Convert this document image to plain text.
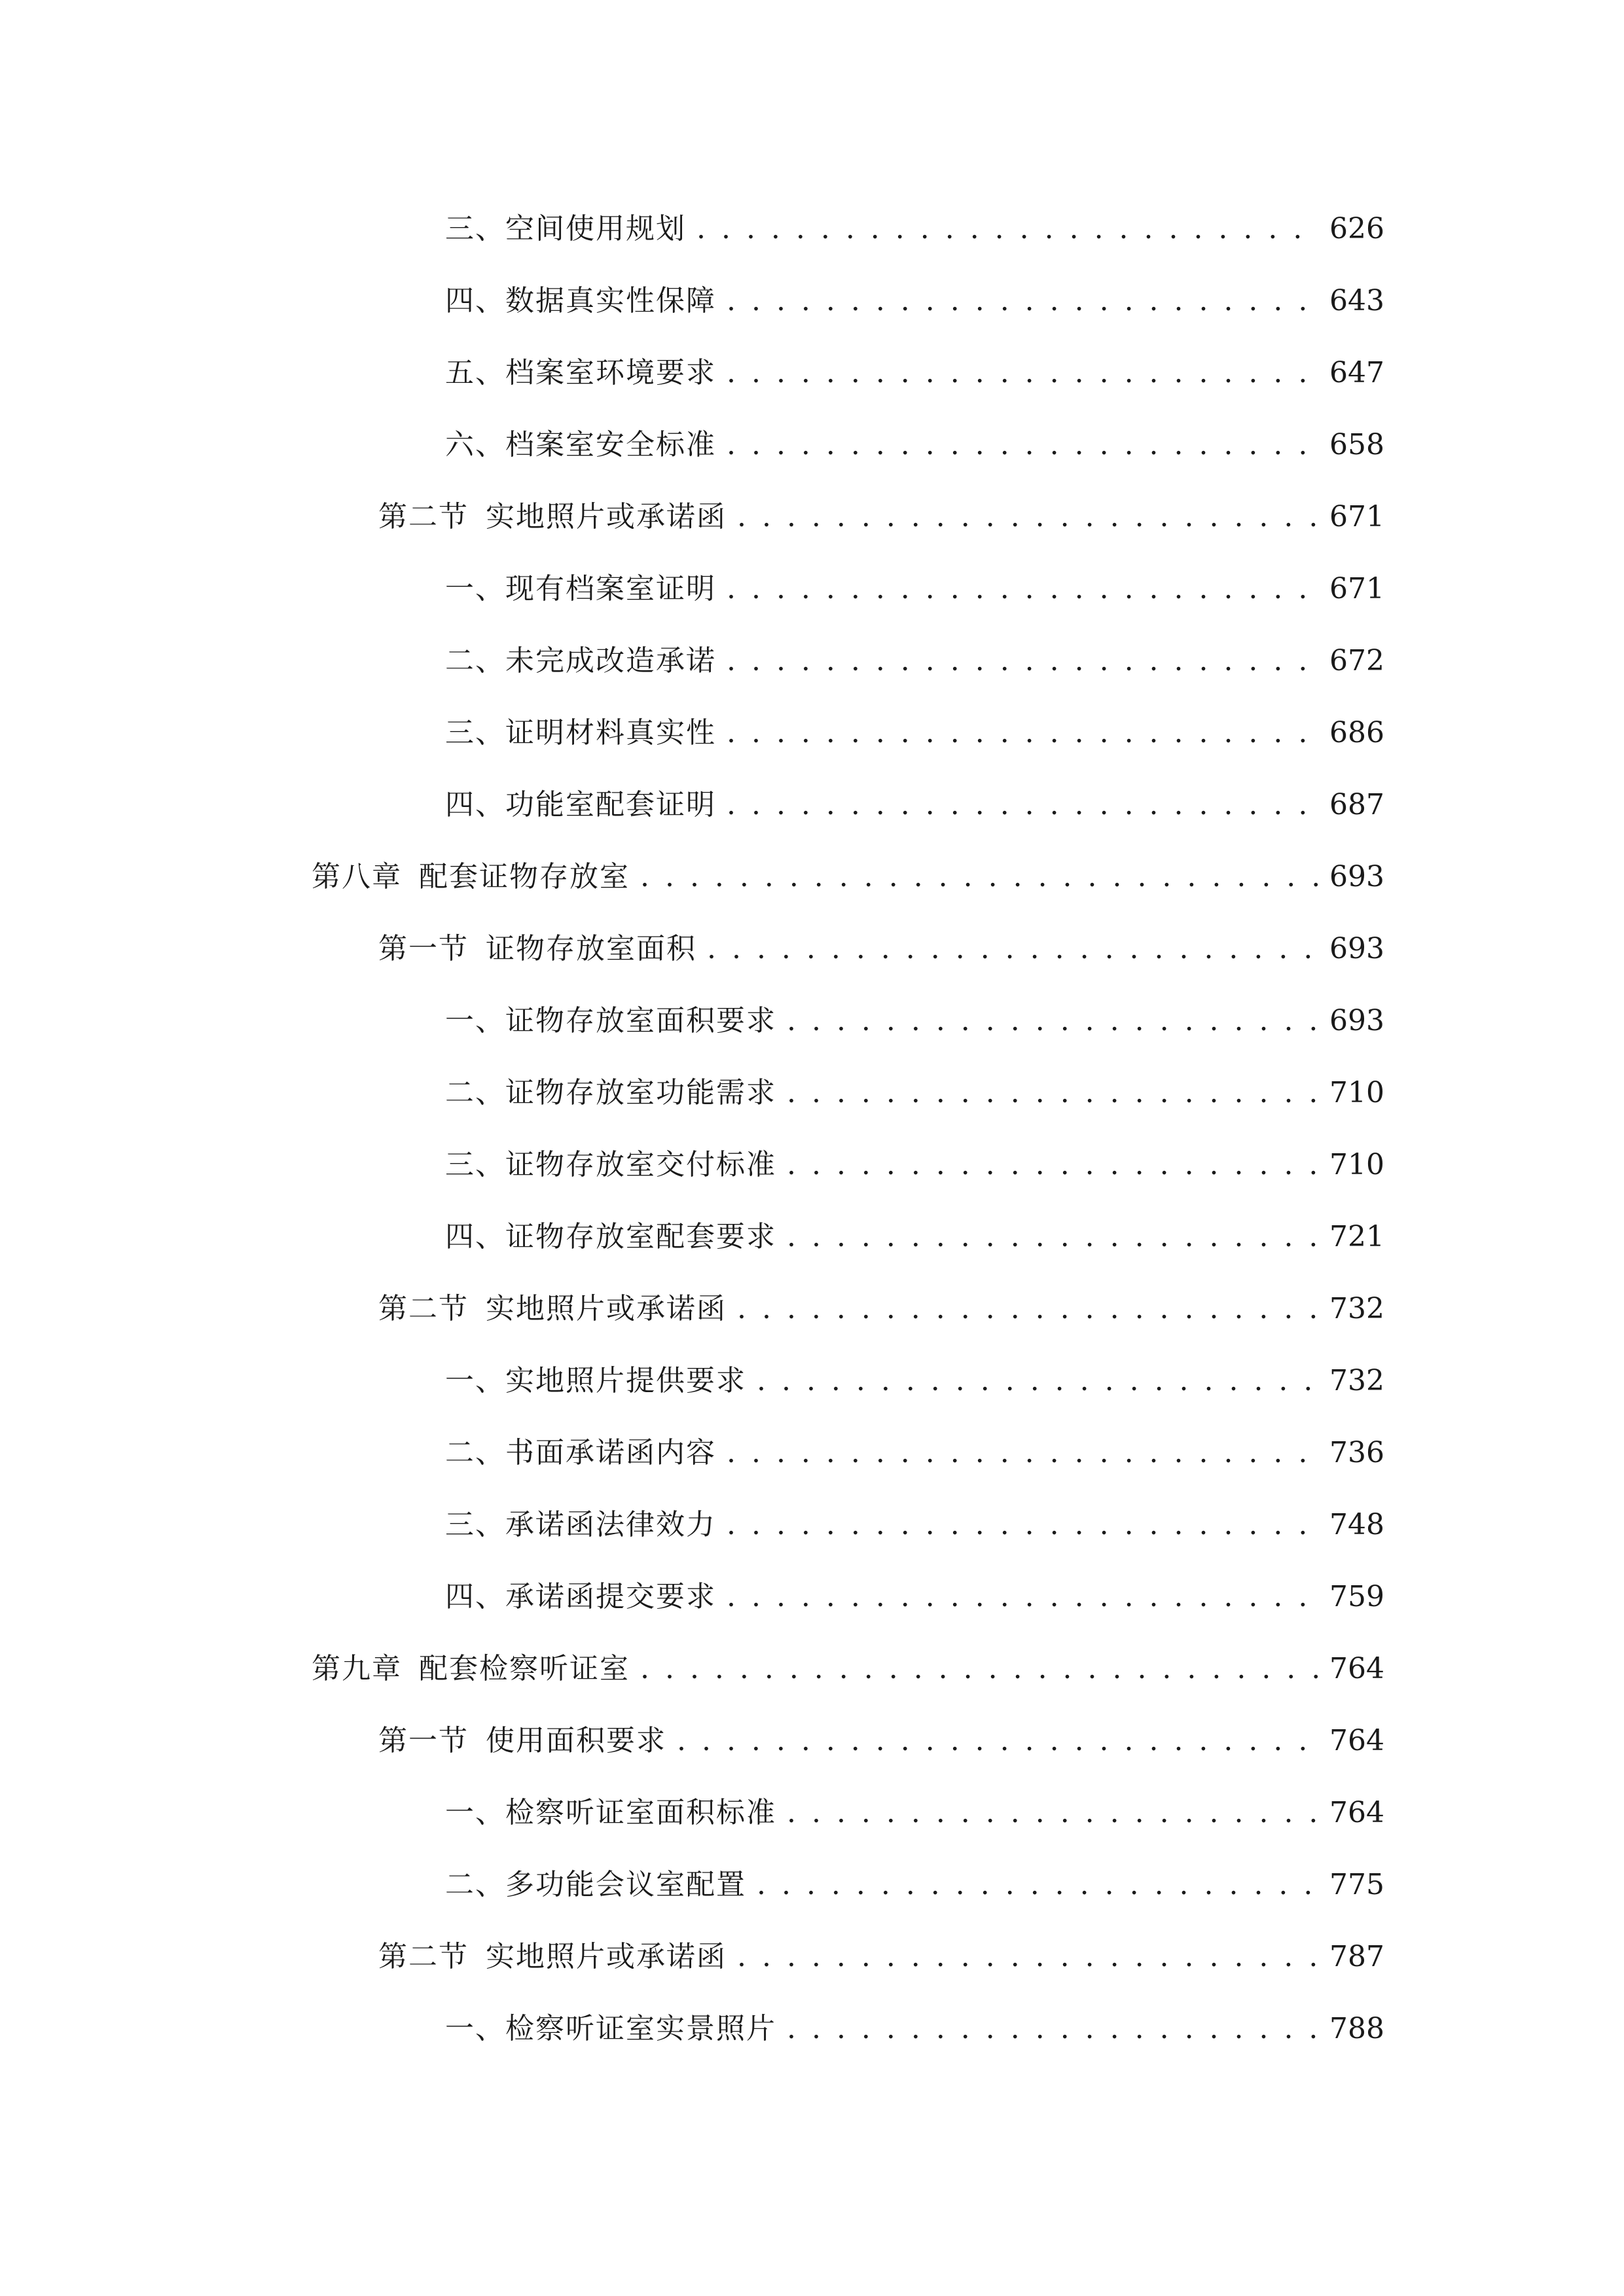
三、 空间使用规划 . . .	626
四、 数据真实性保障 . . .	643
五、 档案室环境要求 . . .	647
六、 档案室安全标准 . . .	658
第二节 实地照片或承诺函 . . .	671
一、 现有档案室证明 . . .	671
二、 未完成改造承诺 . . .	672
三、 证明材料真实性 . . .	686
四、 功能室配套证明 . . .	687
第八章 配套证物存放室 . . .	693
第一节 证物存放室面积 . . .	693
一、 证物存放室面积要求 . . .	693
二、 证物存放室功能需求 . . .	710
三、 证物存放室交付标准 . . .	710
四、 证物存放室配套要求 . . .	721
第二节 实地照片或承诺函 . . .	732
一、 实地照片提供要求 . . .	732
二、 书面承诺函内容 . . .	736
三、 承诺函法律效力 . . .	748
四、 承诺函提交要求 . . .	759
第九章 配套检察听证室 . . .	764
第一节 使用面积要求 . . .	764
一、 检察听证室面积标准 . . .	764
二、 多功能会议室配置 . . .	775
第二节 实地照片或承诺函 . . .	787
一、 检察听证室实景照片 . . .	788
